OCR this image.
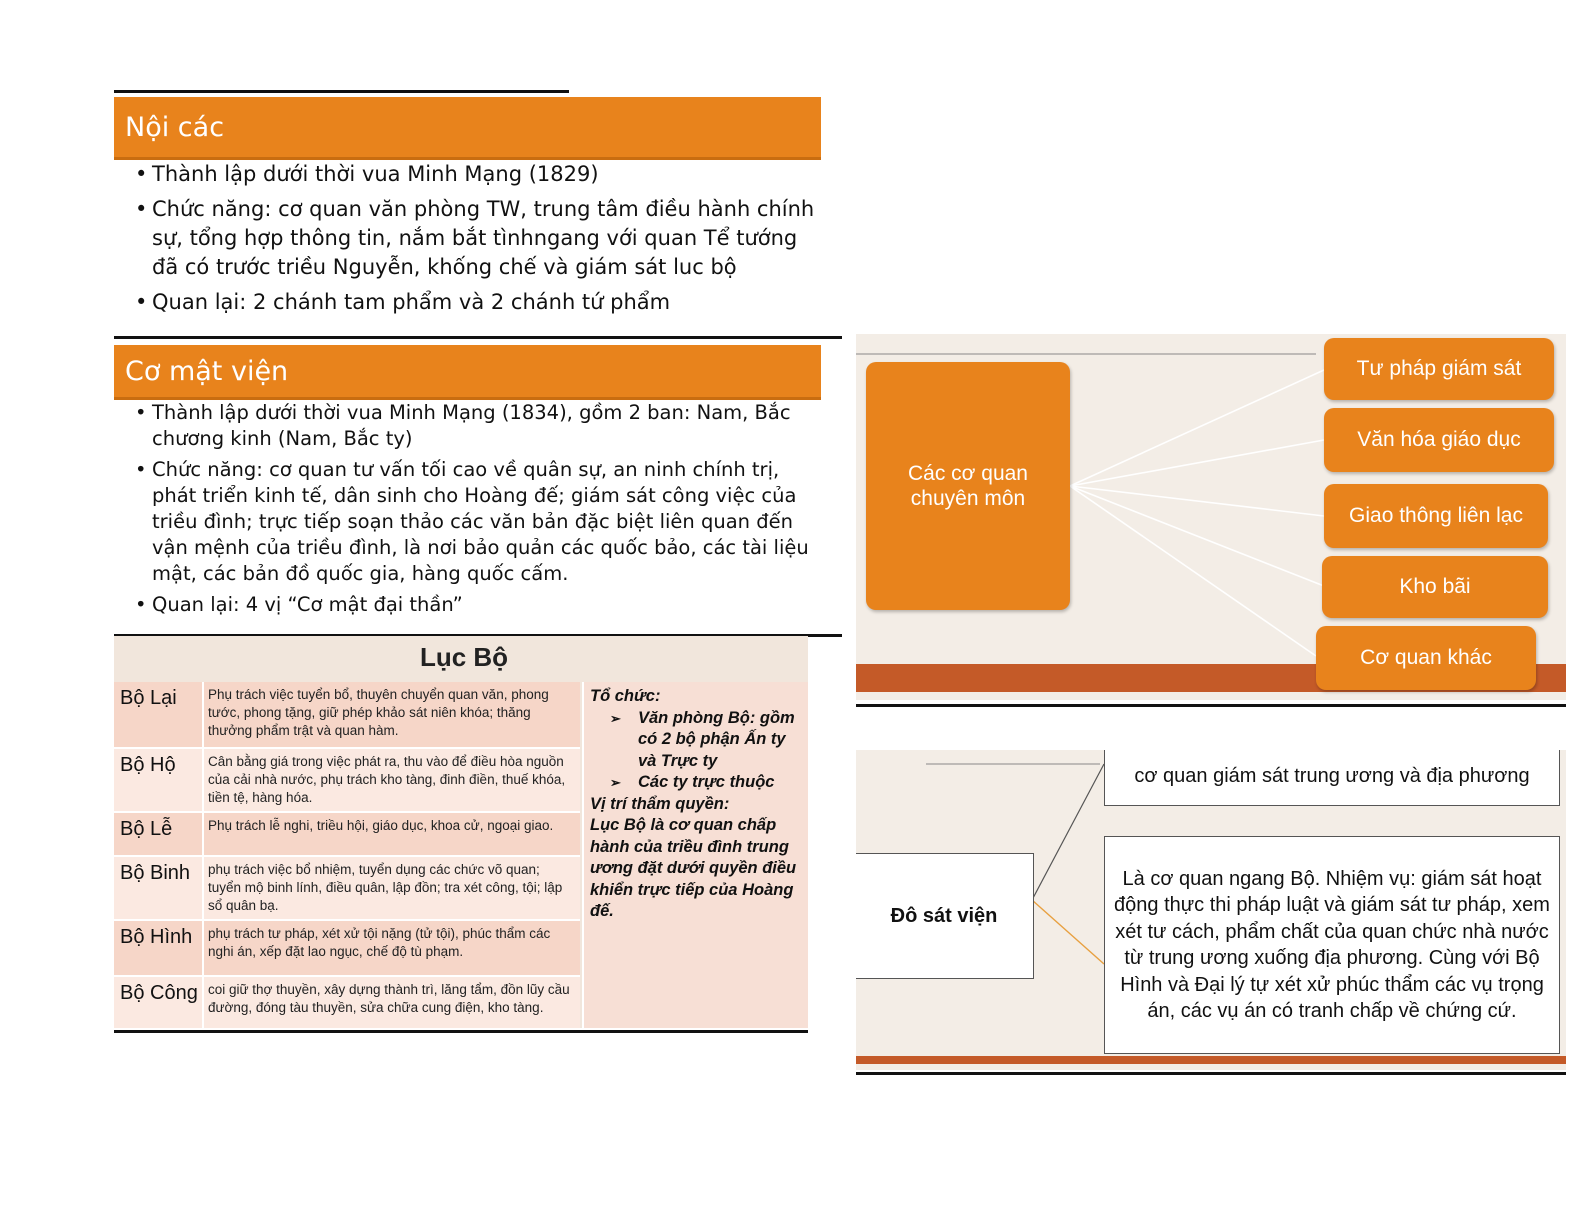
Nội các
• Thành lập dưới thời vua Minh Mạng (1829)
• Chức năng: cơ quan văn phòng TW, trung tâm điều hành chính sự, tổng hợp thông tin, nắm bắt tìnhngang với quan Tể tướng đã có trước triều Nguyễn, khống chế và giám sát luc bộ
• Quan lại: 2 chánh tam phẩm và 2 chánh tứ phẩm
Cơ mật viện
• Thành lập dưới thời vua Minh Mạng (1834), gồm 2 ban: Nam, Bắc chương kinh (Nam, Bắc ty)
• Chức năng: cơ quan tư vấn tối cao về quân sự, an ninh chính trị, phát triển kinh tế, dân sinh cho Hoàng đế; giám sát công việc của triều đình; trực tiếp soạn thảo các văn bản đặc biệt liên quan đến vận mệnh của triều đình, là nơi bảo quản các quốc bảo, các tài liệu mật, các bản đồ quốc gia, hàng quốc cấm.
• Quan lại: 4 vị “Cơ mật đại thần”
Lục Bộ
Bộ Lại	Phụ trách việc tuyển bổ, thuyên chuyển quan văn, phong tước, phong tặng, giữ phép khảo sát niên khóa; thăng thưởng phẩm trật và quan hàm.
Bộ Hộ	Cân bằng giá trong việc phát ra, thu vào để điều hòa nguồn của cải nhà nước, phụ trách kho tàng, đinh điền, thuế khóa, tiền tệ, hàng hóa.
Bộ Lễ	Phụ trách lễ nghi, triều hội, giáo dục, khoa cử, ngoại giao.
Bộ Binh	phụ trách việc bổ nhiệm, tuyển dụng các chức võ quan; tuyển mộ binh lính, điều quân, lập đồn; tra xét công, tội; lập sổ quân bạ.
Bộ Hình	phụ trách tư pháp, xét xử tội nặng (tử tội), phúc thẩm các nghi án, xếp đặt lao ngục, chế độ tù phạm.
Bộ Công	coi giữ thợ thuyền, xây dựng thành trì, lăng tẩm, đồn lũy cầu đường, đóng tàu thuyền, sửa chữa cung điện, kho tàng.
Tổ chức:
➢	Văn phòng Bộ: gồm có 2 bộ phận Ấn ty và Trực ty
➢	Các ty trực thuộc
Vị trí thẩm quyền:
Lục Bộ là cơ quan chấp hành của triều đình trung ương đặt dưới quyền điều khiển trực tiếp của Hoàng đế.
Các cơ quan chuyên môn
Tư pháp giám sát
Văn hóa giáo dục
Giao thông liên lạc
Kho bãi
Cơ quan khác
Đô sát viện
cơ quan giám sát trung ương và địa phương
Là cơ quan ngang Bộ. Nhiệm vụ: giám sát hoạt động thực thi pháp luật và giám sát tư pháp, xem xét tư cách, phẩm chất của quan chức nhà nước từ trung ương xuống địa phương. Cùng với Bộ Hình và Đại lý tự xét xử phúc thẩm các vụ trọng án, các vụ án có tranh chấp về chứng cứ.
